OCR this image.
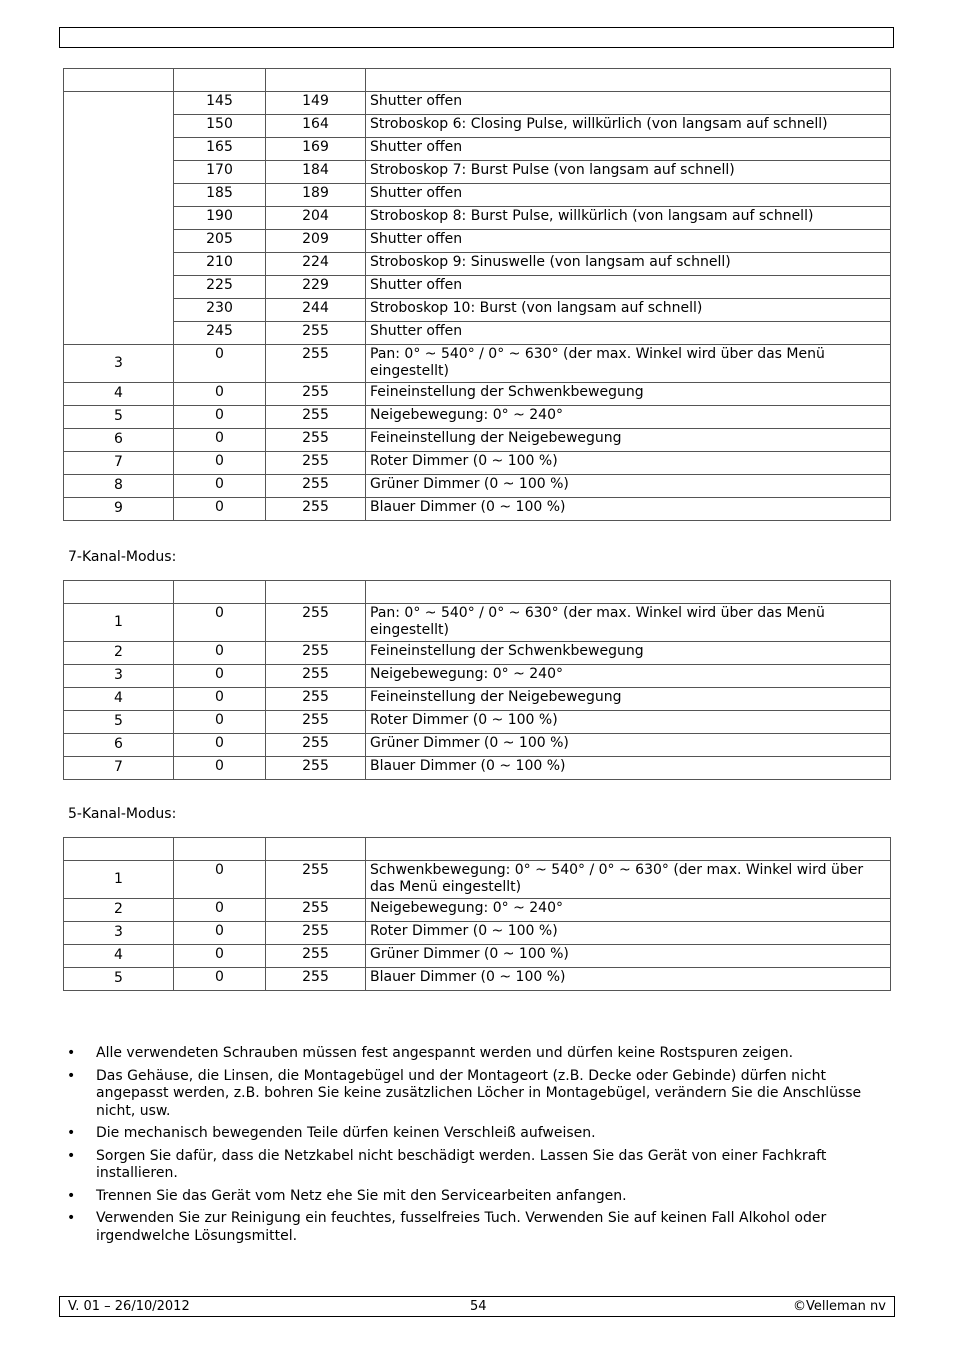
	145	149	Shutter offen
	150	164	Stroboskop 6: Closing Pulse, willkürlich (von langsam auf schnell)
	165	169	Shutter offen
	170	184	Stroboskop 7: Burst Pulse (von langsam auf schnell)
	185	189	Shutter offen
	190	204	Stroboskop 8: Burst Pulse, willkürlich (von langsam auf schnell)
	205	209	Shutter offen
	210	224	Stroboskop 9: Sinuswelle (von langsam auf schnell)
	225	229	Shutter offen
	230	244	Stroboskop 10: Burst (von langsam auf schnell)
	245	255	Shutter offen
3	0	255	Pan: 0° ~ 540° / 0° ~ 630° (der max. Winkel wird über das Menü eingestellt)
4	0	255	Feineinstellung der Schwenkbewegung
5	0	255	Neigebewegung: 0° ~ 240°
6	0	255	Feineinstellung der Neigebewegung
7	0	255	Roter Dimmer (0 ~ 100 %)
8	0	255	Grüner Dimmer (0 ~ 100 %)
9	0	255	Blauer Dimmer (0 ~ 100 %)
7-Kanal-Modus:

1	0	255	Pan: 0° ~ 540° / 0° ~ 630° (der max. Winkel wird über das Menü eingestellt)
2	0	255	Feineinstellung der Schwenkbewegung
3	0	255	Neigebewegung: 0° ~ 240°
4	0	255	Feineinstellung der Neigebewegung
5	0	255	Roter Dimmer (0 ~ 100 %)
6	0	255	Grüner Dimmer (0 ~ 100 %)
7	0	255	Blauer Dimmer (0 ~ 100 %)
5-Kanal-Modus:

1	0	255	Schwenkbewegung: 0° ~ 540° / 0° ~ 630° (der max. Winkel wird über das Menü eingestellt)
2	0	255	Neigebewegung: 0° ~ 240°
3	0	255	Roter Dimmer (0 ~ 100 %)
4	0	255	Grüner Dimmer (0 ~ 100 %)
5	0	255	Blauer Dimmer (0 ~ 100 %)
• Alle verwendeten Schrauben müssen fest angespannt werden und dürfen keine Rostspuren zeigen.
• Das Gehäuse, die Linsen, die Montagebügel und der Montageort (z.B. Decke oder Gebinde) dürfen nicht angepasst werden, z.B. bohren Sie keine zusätzlichen Löcher in Montagebügel, verändern Sie die Anschlüsse nicht, usw.
• Die mechanisch bewegenden Teile dürfen keinen Verschleiß aufweisen.
• Sorgen Sie dafür, dass die Netzkabel nicht beschädigt werden. Lassen Sie das Gerät von einer Fachkraft installieren.
• Trennen Sie das Gerät vom Netz ehe Sie mit den Servicearbeiten anfangen.
• Verwenden Sie zur Reinigung ein feuchtes, fusselfreies Tuch. Verwenden Sie auf keinen Fall Alkohol oder irgendwelche Lösungsmittel.
V. 01 – 26/10/2012	54	©Velleman nv
